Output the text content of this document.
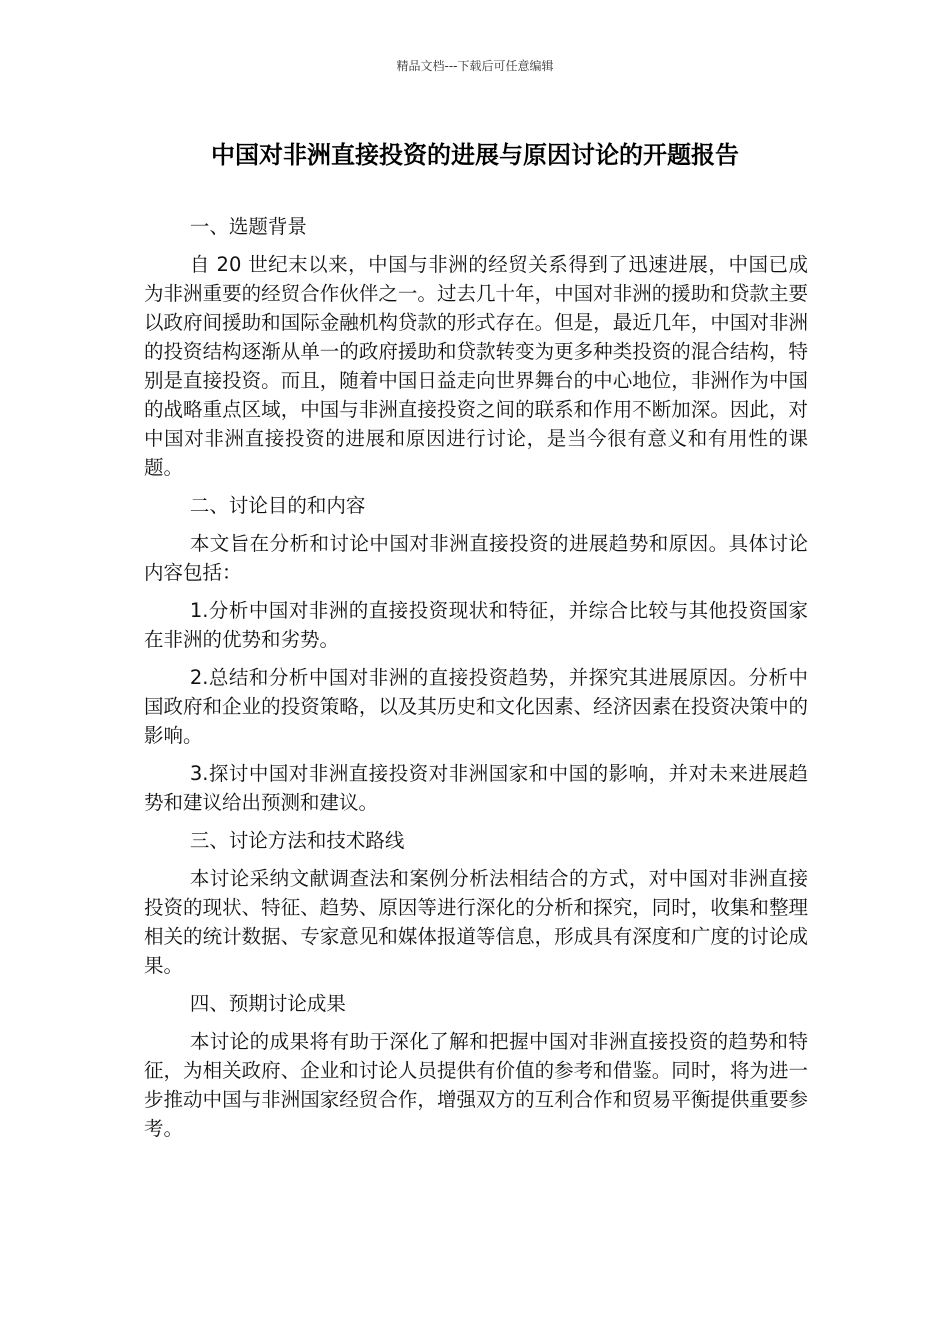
精品文档---下载后可任意编辑
中国对非洲直接投资的进展与原因讨论的开题报告

一、选题背景

自 20 世纪末以来，中国与非洲的经贸关系得到了迅速进展，中国已成为非洲重要的经贸合作伙伴之一。过去几十年，中国对非洲的援助和贷款主要以政府间援助和国际金融机构贷款的形式存在。但是，最近几年，中国对非洲的投资结构逐渐从单一的政府援助和贷款转变为更多种类投资的混合结构，特别是直接投资。而且，随着中国日益走向世界舞台的中心地位，非洲作为中国的战略重点区域，中国与非洲直接投资之间的联系和作用不断加深。因此，对中国对非洲直接投资的进展和原因进行讨论，是当今很有意义和有用性的课题。

二、讨论目的和内容

本文旨在分析和讨论中国对非洲直接投资的进展趋势和原因。具体讨论内容包括：

1.分析中国对非洲的直接投资现状和特征，并综合比较与其他投资国家在非洲的优势和劣势。

2.总结和分析中国对非洲的直接投资趋势，并探究其进展原因。分析中国政府和企业的投资策略，以及其历史和文化因素、经济因素在投资决策中的影响。

3.探讨中国对非洲直接投资对非洲国家和中国的影响，并对未来进展趋势和建议给出预测和建议。

三、讨论方法和技术路线

本讨论采纳文献调查法和案例分析法相结合的方式，对中国对非洲直接投资的现状、特征、趋势、原因等进行深化的分析和探究，同时，收集和整理相关的统计数据、专家意见和媒体报道等信息，形成具有深度和广度的讨论成果。

四、预期讨论成果

本讨论的成果将有助于深化了解和把握中国对非洲直接投资的趋势和特征，为相关政府、企业和讨论人员提供有价值的参考和借鉴。同时，将为进一步推动中国与非洲国家经贸合作，增强双方的互利合作和贸易平衡提供重要参考。
